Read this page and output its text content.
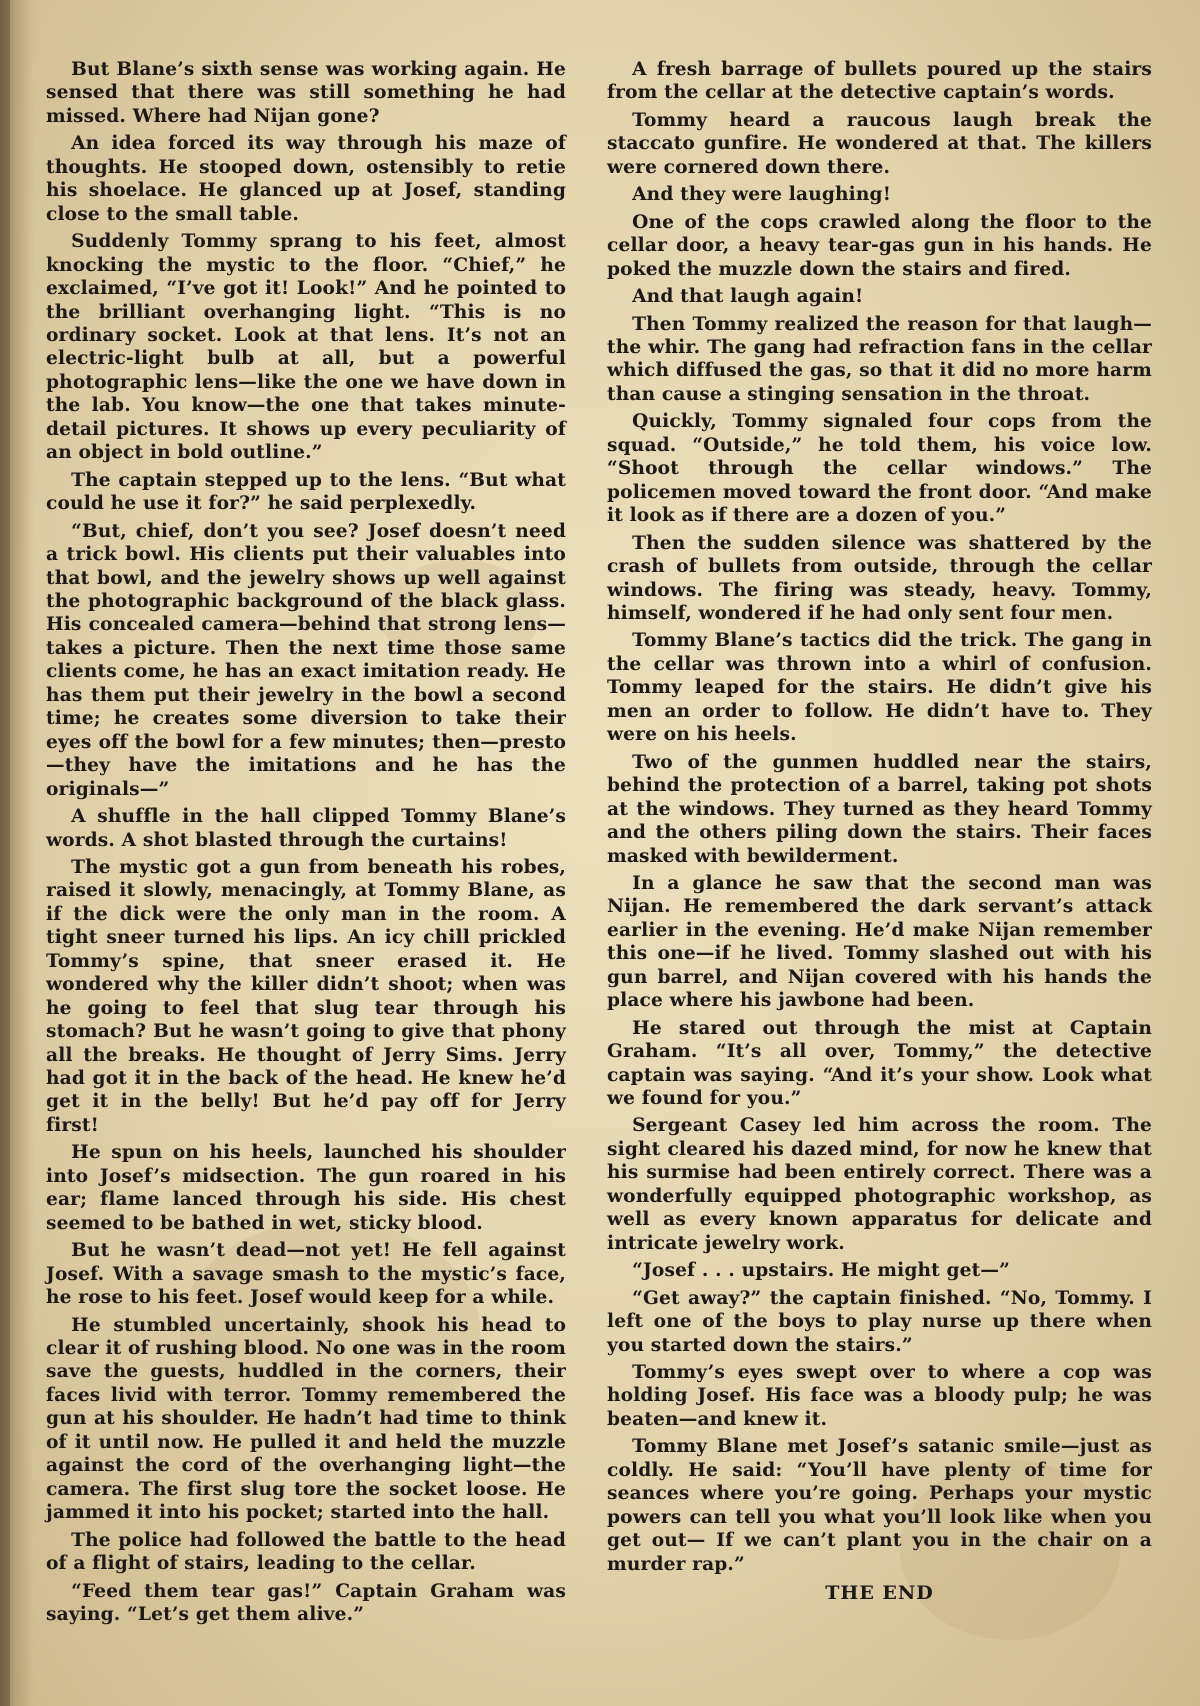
But Blane’s sixth sense was working again. He sensed that there was still something he had missed. Where had Nijan gone?

An idea forced its way through his maze of thoughts. He stooped down, ostensibly to retie his shoelace. He glanced up at Josef, standing close to the small table.

Suddenly Tommy sprang to his feet, almost knocking the mystic to the floor. “Chief,” he exclaimed, “I’ve got it! Look!” And he pointed to the brilliant overhanging light. “This is no ordinary socket. Look at that lens. It’s not an electric-light bulb at all, but a powerful photographic lens—like the one we have down in the lab. You know—the one that takes minute-detail pictures. It shows up every peculiarity of an object in bold outline.”

The captain stepped up to the lens. “But what could he use it for?” he said perplexedly.

“But, chief, don’t you see? Josef doesn’t need a trick bowl. His clients put their valuables into that bowl, and the jewelry shows up well against the photographic background of the black glass. His concealed camera—behind that strong lens—takes a picture. Then the next time those same clients come, he has an exact imitation ready. He has them put their jewelry in the bowl a second time; he creates some diversion to take their eyes off the bowl for a few minutes; then—presto—they have the imitations and he has the originals—”

A shuffle in the hall clipped Tommy Blane’s words. A shot blasted through the curtains!

The mystic got a gun from beneath his robes, raised it slowly, menacingly, at Tommy Blane, as if the dick were the only man in the room. A tight sneer turned his lips. An icy chill prickled Tommy’s spine, that sneer erased it. He wondered why the killer didn’t shoot; when was he going to feel that slug tear through his stomach? But he wasn’t going to give that phony all the breaks. He thought of Jerry Sims. Jerry had got it in the back of the head. He knew he’d get it in the belly! But he’d pay off for Jerry first!

He spun on his heels, launched his shoulder into Josef’s midsection. The gun roared in his ear; flame lanced through his side. His chest seemed to be bathed in wet, sticky blood.

But he wasn’t dead—not yet! He fell against Josef. With a savage smash to the mystic’s face, he rose to his feet. Josef would keep for a while.

He stumbled uncertainly, shook his head to clear it of rushing blood. No one was in the room save the guests, huddled in the corners, their faces livid with terror. Tommy remembered the gun at his shoulder. He hadn’t had time to think of it until now. He pulled it and held the muzzle against the cord of the overhanging light—the camera. The first slug tore the socket loose. He jammed it into his pocket; started into the hall.

The police had followed the battle to the head of a flight of stairs, leading to the cellar.

“Feed them tear gas!” Captain Graham was saying. “Let’s get them alive.”

A fresh barrage of bullets poured up the stairs from the cellar at the detective captain’s words.

Tommy heard a raucous laugh break the staccato gunfire. He wondered at that. The killers were cornered down there.

And they were laughing!

One of the cops crawled along the floor to the cellar door, a heavy tear-gas gun in his hands. He poked the muzzle down the stairs and fired.

And that laugh again!

Then Tommy realized the reason for that laugh—the whir. The gang had refraction fans in the cellar which diffused the gas, so that it did no more harm than cause a stinging sensation in the throat.

Quickly, Tommy signaled four cops from the squad. “Outside,” he told them, his voice low. “Shoot through the cellar windows.” The policemen moved toward the front door. “And make it look as if there are a dozen of you.”

Then the sudden silence was shattered by the crash of bullets from outside, through the cellar windows. The firing was steady, heavy. Tommy, himself, wondered if he had only sent four men.

Tommy Blane’s tactics did the trick. The gang in the cellar was thrown into a whirl of confusion. Tommy leaped for the stairs. He didn’t give his men an order to follow. He didn’t have to. They were on his heels.

Two of the gunmen huddled near the stairs, behind the protection of a barrel, taking pot shots at the windows. They turned as they heard Tommy and the others piling down the stairs. Their faces masked with bewilderment.

In a glance he saw that the second man was Nijan. He remembered the dark servant’s attack earlier in the evening. He’d make Nijan remember this one—if he lived. Tommy slashed out with his gun barrel, and Nijan covered with his hands the place where his jawbone had been.

He stared out through the mist at Captain Graham. “It’s all over, Tommy,” the detective captain was saying. “And it’s your show. Look what we found for you.”

Sergeant Casey led him across the room. The sight cleared his dazed mind, for now he knew that his surmise had been entirely correct. There was a wonderfully equipped photographic workshop, as well as every known apparatus for delicate and intricate jewelry work.

“Josef . . . upstairs. He might get—”

“Get away?” the captain finished. “No, Tommy. I left one of the boys to play nurse up there when you started down the stairs.”

Tommy’s eyes swept over to where a cop was holding Josef. His face was a bloody pulp; he was beaten—and knew it.

Tommy Blane met Josef’s satanic smile—just as coldly. He said: “You’ll have plenty of time for seances where you’re going. Perhaps your mystic powers can tell you what you’ll look like when you get out— If we can’t plant you in the chair on a murder rap.”

THE END
